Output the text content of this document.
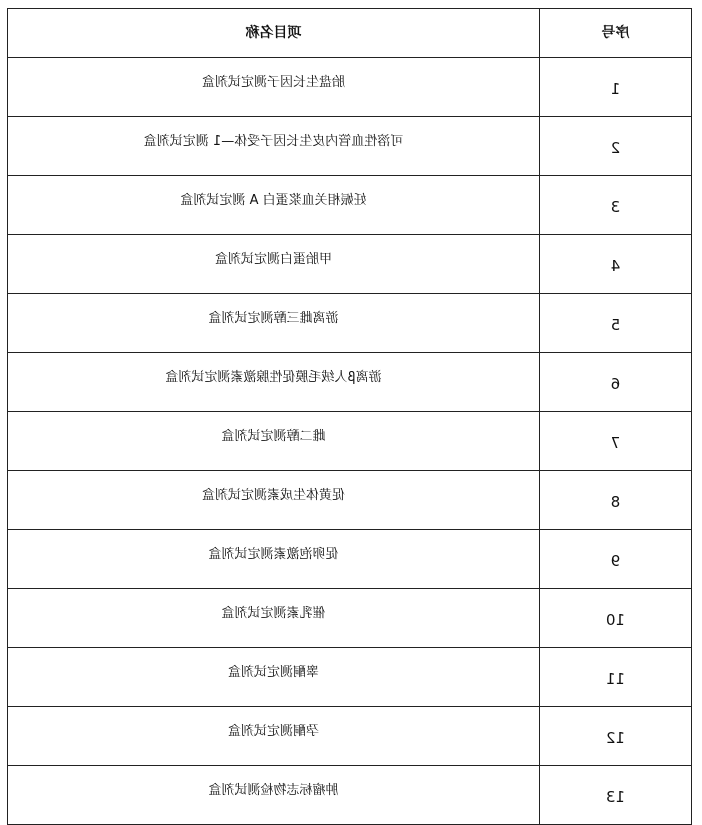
序号	项目名称
1	胎盘生长因子测定试剂盒
2	可溶性血管内皮生长因子受体—1 测定试剂盒
3	妊娠相关血浆蛋白 A 测定试剂盒
4	甲胎蛋白测定试剂盒
5	游离雌三醇测定试剂盒
6	游离β人绒毛膜促性腺激素测定试剂盒
7	雌二醇测定试剂盒
8	促黄体生成素测定试剂盒
9	促卵泡激素测定试剂盒
10	催乳素测定试剂盒
11	睾酮测定试剂盒
12	孕酮测定试剂盒
13	肿瘤标志物检测试剂盒
